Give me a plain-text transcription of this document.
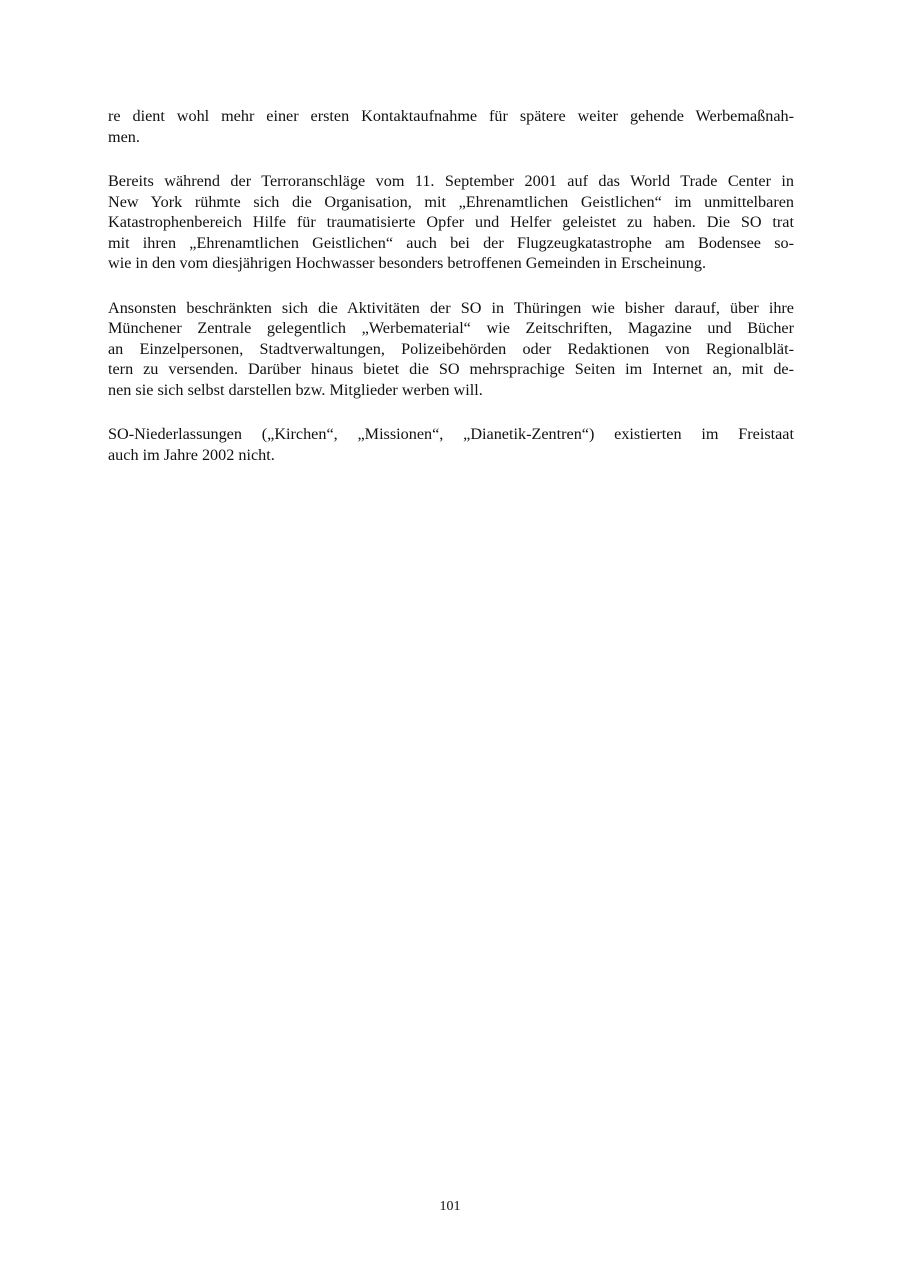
re dient wohl mehr einer ersten Kontaktaufnahme für spätere weiter gehende Werbemaßnah-
men.

Bereits während der Terroranschläge vom 11. September 2001 auf das World Trade Center in
New York rühmte sich die Organisation, mit „Ehrenamtlichen Geistlichen“ im unmittelbaren
Katastrophenbereich Hilfe für traumatisierte Opfer und Helfer geleistet zu haben. Die SO trat
mit ihren „Ehrenamtlichen Geistlichen“ auch bei der Flugzeugkatastrophe am Bodensee so-
wie in den vom diesjährigen Hochwasser besonders betroffenen Gemeinden in Erscheinung.

Ansonsten beschränkten sich die Aktivitäten der SO in Thüringen wie bisher darauf, über ihre
Münchener Zentrale gelegentlich „Werbematerial“ wie Zeitschriften, Magazine und Bücher
an Einzelpersonen, Stadtverwaltungen, Polizeibehörden oder Redaktionen von Regionalblät-
tern zu versenden. Darüber hinaus bietet die SO mehrsprachige Seiten im Internet an, mit de-
nen sie sich selbst darstellen bzw. Mitglieder werben will.

SO-Niederlassungen („Kirchen“, „Missionen“, „Dianetik-Zentren“) existierten im Freistaat
auch im Jahre 2002 nicht.

101
